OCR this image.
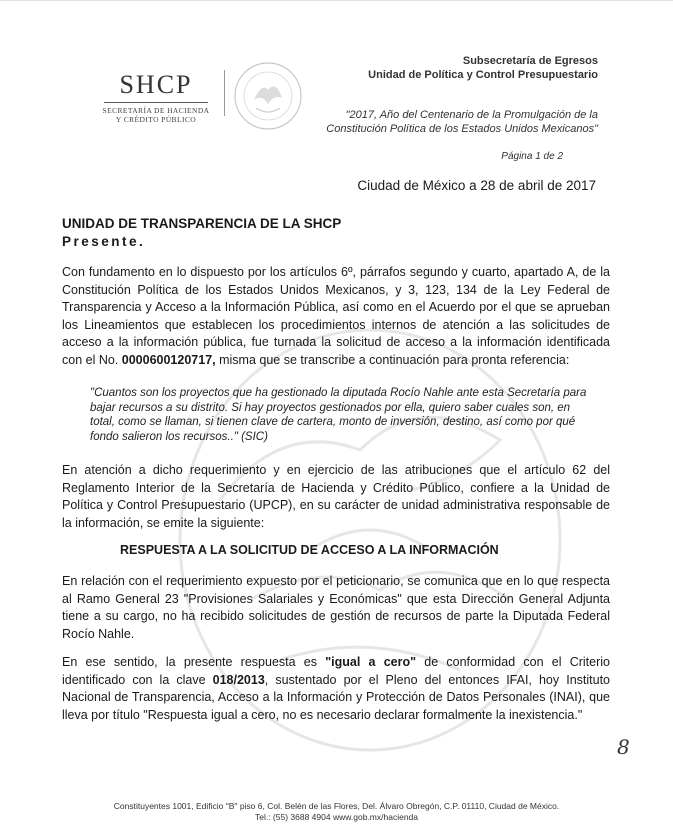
SHCP
SECRETARÍA DE HACIENDA
Y CRÉDITO PÚBLICO
Subsecretaría de Egresos
Unidad de Política y Control Presupuestario
"2017, Año del Centenario de la Promulgación de la
Constitución Política de los Estados Unidos Mexicanos"
Página 1 de 2
Ciudad de México a 28 de abril de 2017
UNIDAD DE TRANSPARENCIA DE LA SHCP
Presente.
Con fundamento en lo dispuesto por los artículos 6º, párrafos segundo y cuarto, apartado A, de la Constitución Política de los Estados Unidos Mexicanos, y 3, 123, 134 de la Ley Federal de Transparencia y Acceso a la Información Pública, así como en el Acuerdo por el que se aprueban los Lineamientos que establecen los procedimientos internos de atención a las solicitudes de acceso a la información pública, fue turnada la solicitud de acceso a la información identificada con el No. 0000600120717, misma que se transcribe a continuación para pronta referencia:
"Cuantos son los proyectos que ha gestionado la diputada Rocío Nahle ante esta Secretaría para bajar recursos a su distrito. Si hay proyectos gestionados por ella, quiero saber cuales son, en total, como se llaman, si tienen clave de cartera, monto de inversión, destino, así como por qué fondo salieron los recursos.." (SIC)
En atención a dicho requerimiento y en ejercicio de las atribuciones que el artículo 62 del Reglamento Interior de la Secretaría de Hacienda y Crédito Público, confiere a la Unidad de Política y Control Presupuestario (UPCP), en su carácter de unidad administrativa responsable de la información, se emite la siguiente:
RESPUESTA A LA SOLICITUD DE ACCESO A LA INFORMACIÓN
En relación con el requerimiento expuesto por el peticionario, se comunica que en lo que respecta al Ramo General 23 "Provisiones Salariales y Económicas" que esta Dirección General Adjunta tiene a su cargo, no ha recibido solicitudes de gestión de recursos de parte la Diputada Federal Rocío Nahle.
En ese sentido, la presente respuesta es "igual a cero" de conformidad con el Criterio identificado con la clave 018/2013, sustentado por el Pleno del entonces IFAI, hoy Instituto Nacional de Transparencia, Acceso a la Información y Protección de Datos Personales (INAI), que lleva por título "Respuesta igual a cero, no es necesario declarar formalmente la inexistencia."
8
Constituyentes 1001, Edificio "B" piso 6, Col. Belén de las Flores, Del. Álvaro Obregón, C.P. 01110, Ciudad de México.
Tel.: (55) 3688 4904 www.gob.mx/hacienda
